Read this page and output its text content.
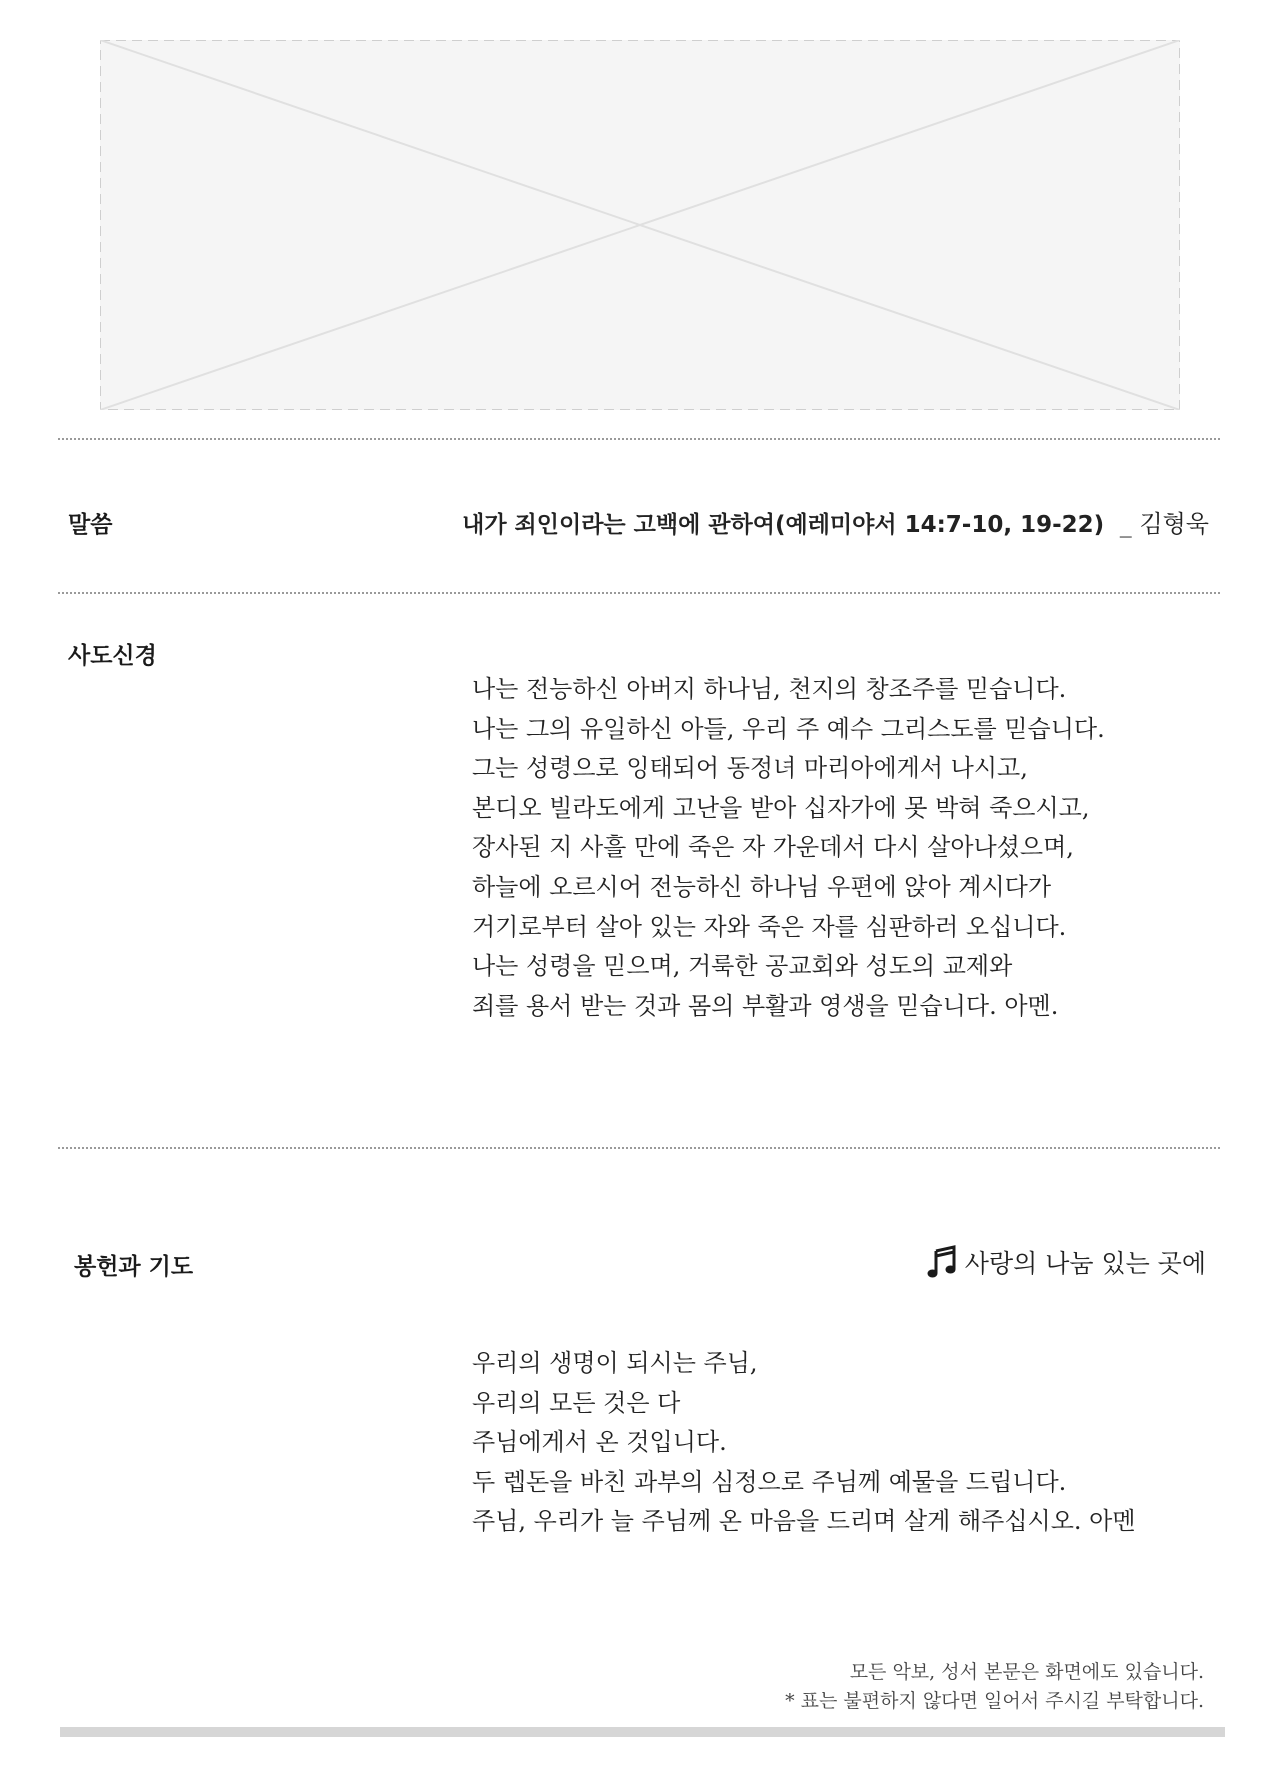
말씀	내가 죄인이라는 고백에 관하여(예레미야서 14:7-10, 19-22) _ 김형욱
사도신경
나는 전능하신 아버지 하나님, 천지의 창조주를 믿습니다.
나는 그의 유일하신 아들, 우리 주 예수 그리스도를 믿습니다.
그는 성령으로 잉태되어 동정녀 마리아에게서 나시고,
본디오 빌라도에게 고난을 받아 십자가에 못 박혀 죽으시고,
장사된 지 사흘 만에 죽은 자 가운데서 다시 살아나셨으며,
하늘에 오르시어 전능하신 하나님 우편에 앉아 계시다가
거기로부터 살아 있는 자와 죽은 자를 심판하러 오십니다.
나는 성령을 믿으며, 거룩한 공교회와 성도의 교제와
죄를 용서 받는 것과 몸의 부활과 영생을 믿습니다. 아멘.
봉헌과 기도	사랑의 나눔 있는 곳에
우리의 생명이 되시는 주님,
우리의 모든 것은 다
주님에게서 온 것입니다.
두 렙돈을 바친 과부의 심정으로 주님께 예물을 드립니다.
주님, 우리가 늘 주님께 온 마음을 드리며 살게 해주십시오. 아멘
모든 악보, 성서 본문은 화면에도 있습니다.
* 표는 불편하지 않다면 일어서 주시길 부탁합니다.
